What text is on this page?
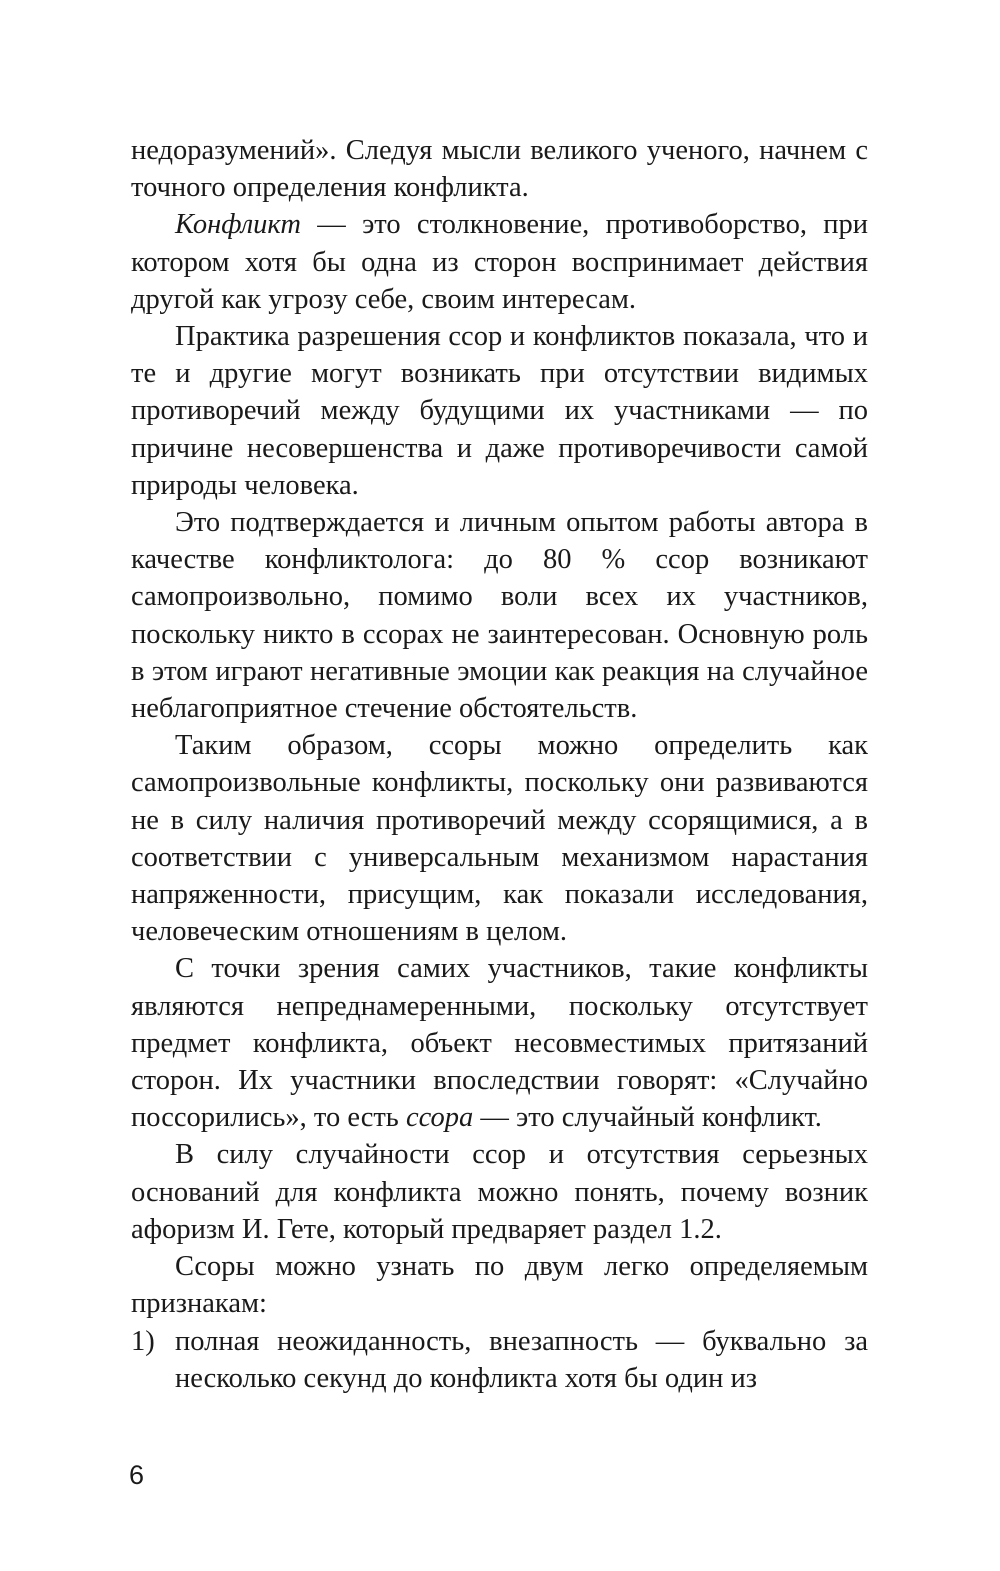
недоразумений». Следуя мысли великого ученого, начнем с точного определения конфликта.

Конфликт — это столкновение, противоборство, при котором хотя бы одна из сторон воспринимает действия другой как угрозу себе, своим интересам.

Практика разрешения ссор и конфликтов показала, что и те и другие могут возникать при отсутствии видимых противоречий между будущими их участниками — по причине несовершенства и даже противоречивости самой природы человека.

Это подтверждается и личным опытом работы автора в качестве конфликтолога: до 80 % ссор возникают самопроизвольно, помимо воли всех их участников, поскольку никто в ссорах не заинтересован. Основную роль в этом играют негативные эмоции как реакция на случайное неблагоприятное стечение обстоятельств.

Таким образом, ссоры можно определить как самопроизвольные конфликты, поскольку они развиваются не в силу наличия противоречий между ссорящимися, а в соответствии с универсальным механизмом нарастания напряженности, присущим, как показали исследования, человеческим отношениям в целом.

С точки зрения самих участников, такие конфликты являются непреднамеренными, поскольку отсутствует предмет конфликта, объект несовместимых притязаний сторон. Их участники впоследствии говорят: «Случайно поссорились», то есть ссора — это случайный конфликт.

В силу случайности ссор и отсутствия серьезных оснований для конфликта можно понять, почему возник афоризм И. Гете, который предваряет раздел 1.2.

Ссоры можно узнать по двум легко определяемым признакам:

1) полная неожиданность, внезапность — буквально за несколько секунд до конфликта хотя бы один из
6
